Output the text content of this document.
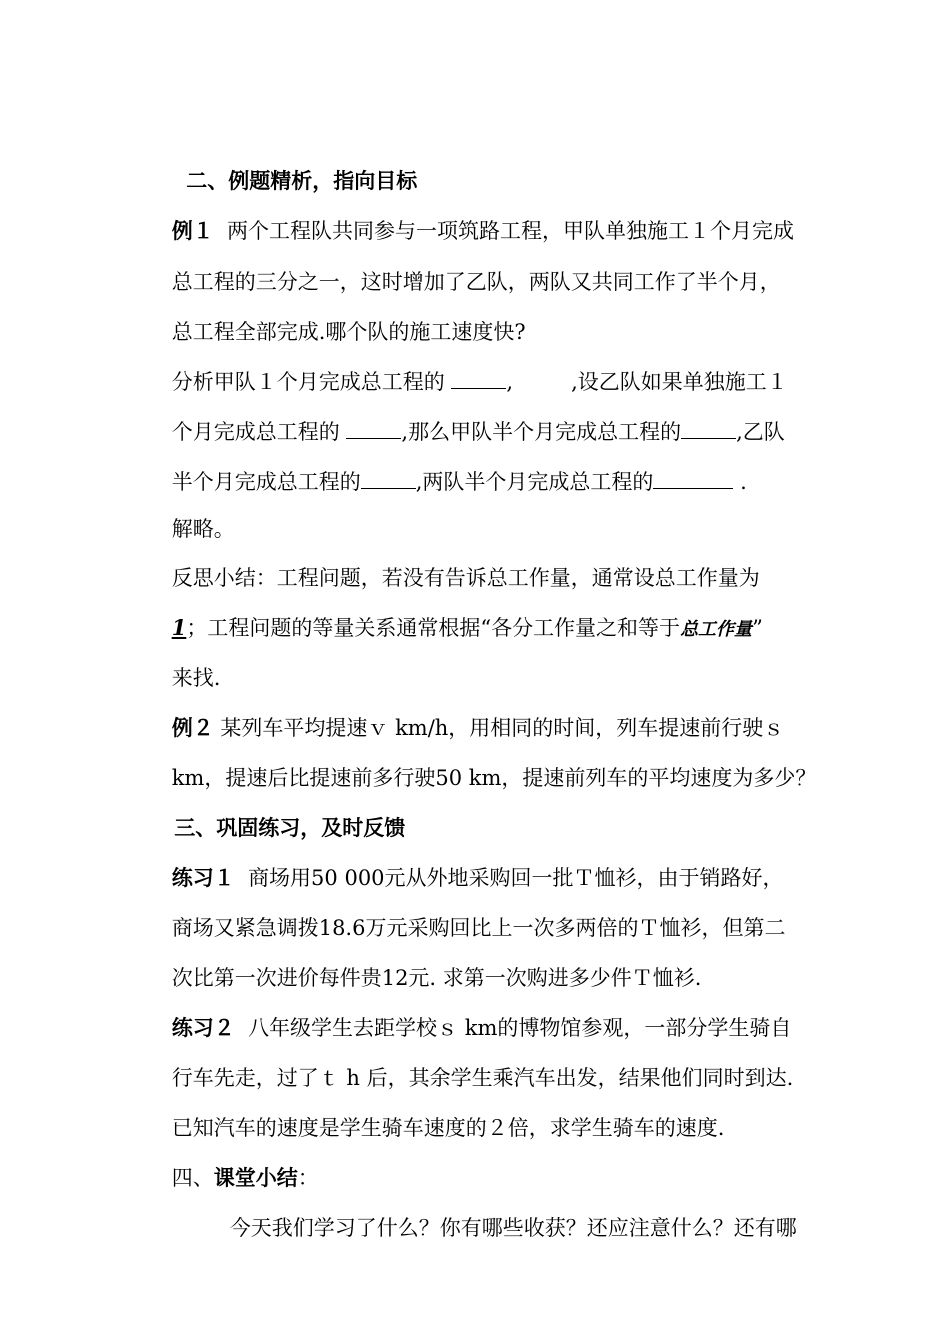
二、例题精析，指向目标

例１ 两个工程队共同参与一项筑路工程，甲队单独施工１个月完成

总工程的三分之一，这时增加了乙队，两队又共同工作了半个月，

总工程全部完成.哪个队的施工速度快?

分析甲队１个月完成总工程的	,	,设乙队如果单独施工１

个月完成总工程的	,那么甲队半个月完成总工程的	,乙队

半个月完成总工程的	,两队半个月完成总工程的	.

解略。

反思小结：工程问题，若没有告诉总工作量，通常设总工作量为

1；工程问题的等量关系通常根据“各分工作量之和等于总工作量”

来找.

例２ 某列车平均提速ｖ km/h，用相同的时间，列车提速前行驶ｓ

km，提速后比提速前多行驶50 km，提速前列车的平均速度为多少？

三、巩固练习，及时反馈

练习１ 商场用50 000元从外地采购回一批Ｔ恤衫，由于销路好，

商场又紧急调拨18.6万元采购回比上一次多两倍的Ｔ恤衫，但第二

次比第一次进价每件贵12元. 求第一次购进多少件Ｔ恤衫.

练习２ 八年级学生去距学校ｓ km的博物馆参观，一部分学生骑自

行车先走，过了ｔ h 后，其余学生乘汽车出发，结果他们同时到达.

已知汽车的速度是学生骑车速度的２倍，求学生骑车的速度.

四、课堂小结：

今天我们学习了什么？你有哪些收获？还应注意什么？还有哪
